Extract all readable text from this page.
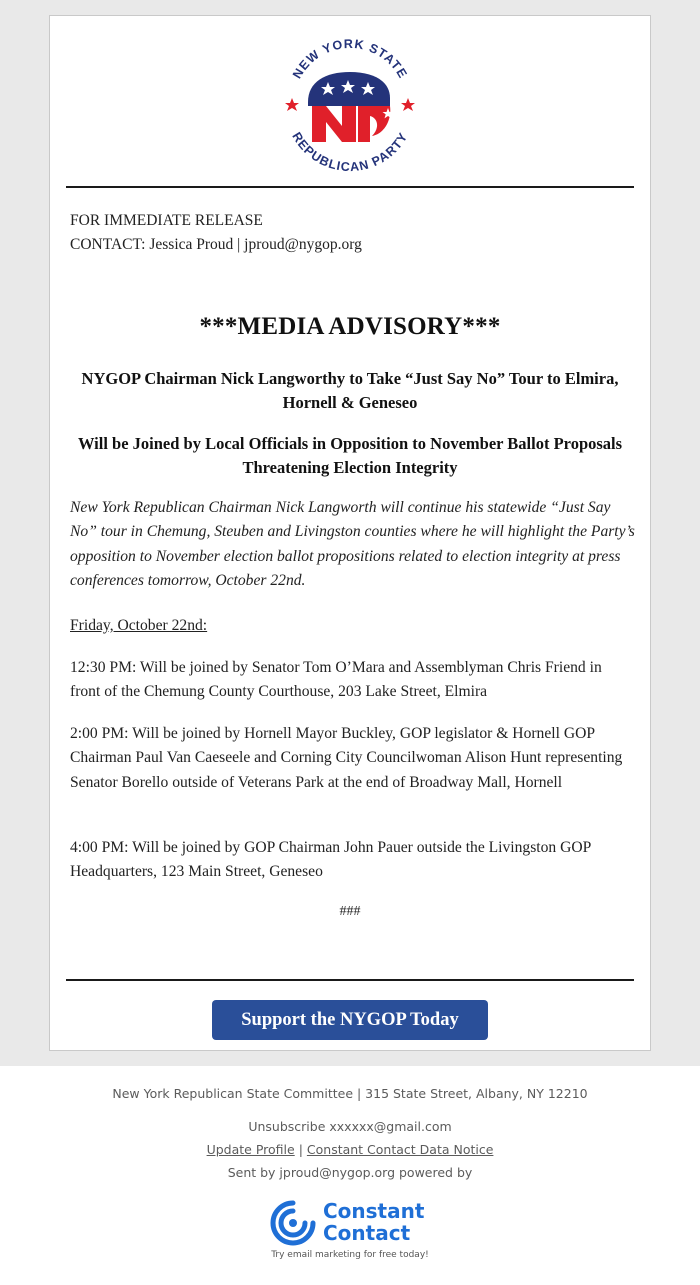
NEW YORK STATE
REPUBLICAN PARTY
FOR IMMEDIATE RELEASE
CONTACT: Jessica Proud | jproud@nygop.org
***MEDIA ADVISORY***
NYGOP Chairman Nick Langworthy to Take “Just Say No” Tour to Elmira, Hornell & Geneseo
Will be Joined by Local Officials in Opposition to November Ballot Proposals Threatening Election Integrity
New York Republican Chairman Nick Langworth will continue his statewide “Just Say No” tour in Chemung, Steuben and Livingston counties where he will highlight the Party’s opposition to November election ballot propositions related to election integrity at press conferences tomorrow, October 22nd.
Friday, October 22nd:
12:30 PM: Will be joined by Senator Tom O’Mara and Assemblyman Chris Friend in front of the Chemung County Courthouse, 203 Lake Street, Elmira
2:00 PM: Will be joined by Hornell Mayor Buckley, GOP legislator & Hornell GOP Chairman Paul Van Caeseele and Corning City Councilwoman Alison Hunt representing Senator Borello outside of Veterans Park at the end of Broadway Mall, Hornell
4:00 PM: Will be joined by GOP Chairman John Pauer outside the Livingston GOP Headquarters, 123 Main Street, Geneseo
###
Support the NYGOP Today
New York Republican State Committee | 315 State Street, Albany, NY 12210
Unsubscribe xxxxxx@gmail.com
Update Profile | Constant Contact Data Notice
Sent by jproud@nygop.org powered by
Constant
Contact
Try email marketing for free today!
